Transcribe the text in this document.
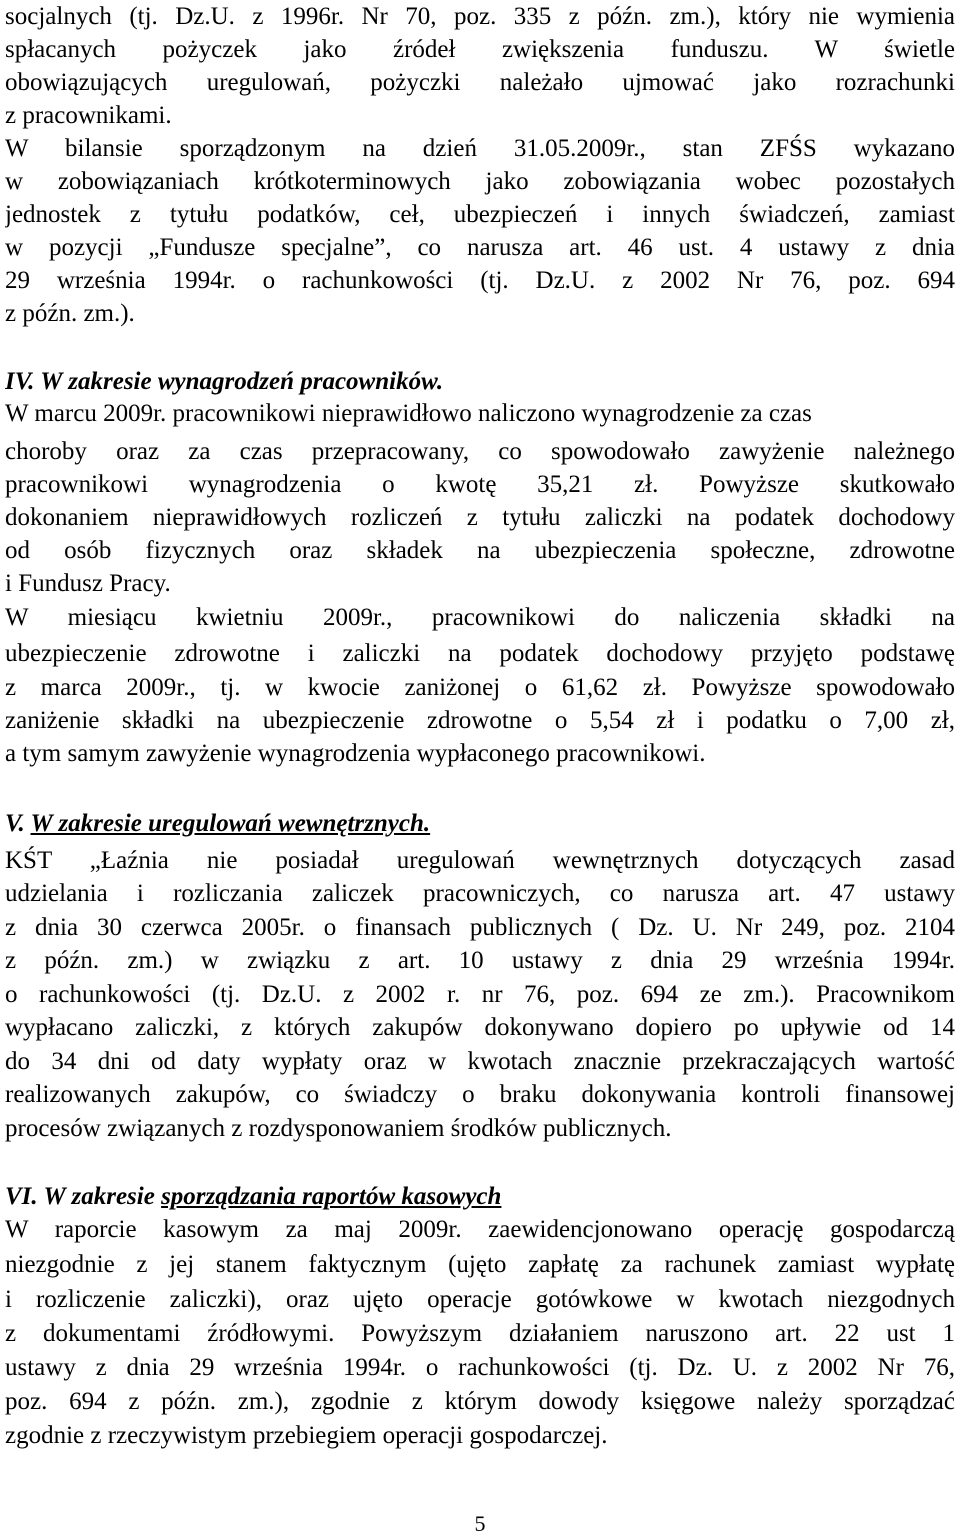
socjalnych (tj. Dz.U. z 1996r. Nr 70, poz. 335 z późn. zm.), który nie wymienia
spłacanych pożyczek jako źródeł zwiększenia funduszu. W świetle
obowiązujących uregulowań, pożyczki należało ujmować jako rozrachunki
z pracownikami.
W bilansie sporządzonym na dzień 31.05.2009r., stan ZFŚS wykazano
w zobowiązaniach krótkoterminowych jako zobowiązania wobec pozostałych
jednostek z tytułu podatków, ceł, ubezpieczeń i innych świadczeń, zamiast
w pozycji „Fundusze specjalne”, co narusza art. 46 ust. 4 ustawy z dnia
29 września 1994r. o rachunkowości (tj. Dz.U. z 2002 Nr 76, poz. 694
z późn. zm.).
IV. W zakresie wynagrodzeń pracowników.
W marcu 2009r. pracownikowi nieprawidłowo naliczono wynagrodzenie za czas
choroby oraz za czas przepracowany, co spowodowało zawyżenie należnego
pracownikowi wynagrodzenia o kwotę 35,21 zł. Powyższe skutkowało
dokonaniem nieprawidłowych rozliczeń z tytułu zaliczki na podatek dochodowy
od osób fizycznych oraz składek na ubezpieczenia społeczne, zdrowotne
i Fundusz Pracy.
W miesiącu kwietniu 2009r., pracownikowi do naliczenia składki na
ubezpieczenie zdrowotne i zaliczki na podatek dochodowy przyjęto podstawę
z marca 2009r., tj. w kwocie zaniżonej o 61,62 zł. Powyższe spowodowało
zaniżenie składki na ubezpieczenie zdrowotne o 5,54 zł i podatku o 7,00 zł,
a tym samym zawyżenie wynagrodzenia wypłaconego pracownikowi.
V. W zakresie uregulowań wewnętrznych.
KŚT „Łaźnia nie posiadał uregulowań wewnętrznych dotyczących zasad
udzielania i rozliczania zaliczek pracowniczych, co narusza art. 47 ustawy
z dnia 30 czerwca 2005r. o finansach publicznych ( Dz. U. Nr 249, poz. 2104
z późn. zm.) w związku z art. 10 ustawy z dnia 29 września 1994r.
o rachunkowości (tj. Dz.U. z 2002 r. nr 76, poz. 694 ze zm.). Pracownikom
wypłacano zaliczki, z których zakupów dokonywano dopiero po upływie od 14
do 34 dni od daty wypłaty oraz w kwotach znacznie przekraczających wartość
realizowanych zakupów, co świadczy o braku dokonywania kontroli finansowej
procesów związanych z rozdysponowaniem środków publicznych.
VI. W zakresie sporządzania raportów kasowych
W raporcie kasowym za maj 2009r. zaewidencjonowano operację gospodarczą
niezgodnie z jej stanem faktycznym (ujęto zapłatę za rachunek zamiast wypłatę
i rozliczenie zaliczki), oraz ujęto operacje gotówkowe w kwotach niezgodnych
z dokumentami źródłowymi. Powyższym działaniem naruszono art. 22 ust 1
ustawy z dnia 29 września 1994r. o rachunkowości (tj. Dz. U. z 2002 Nr 76,
poz. 694 z późn. zm.), zgodnie z którym dowody księgowe należy sporządzać
zgodnie z rzeczywistym przebiegiem operacji gospodarczej.
5
